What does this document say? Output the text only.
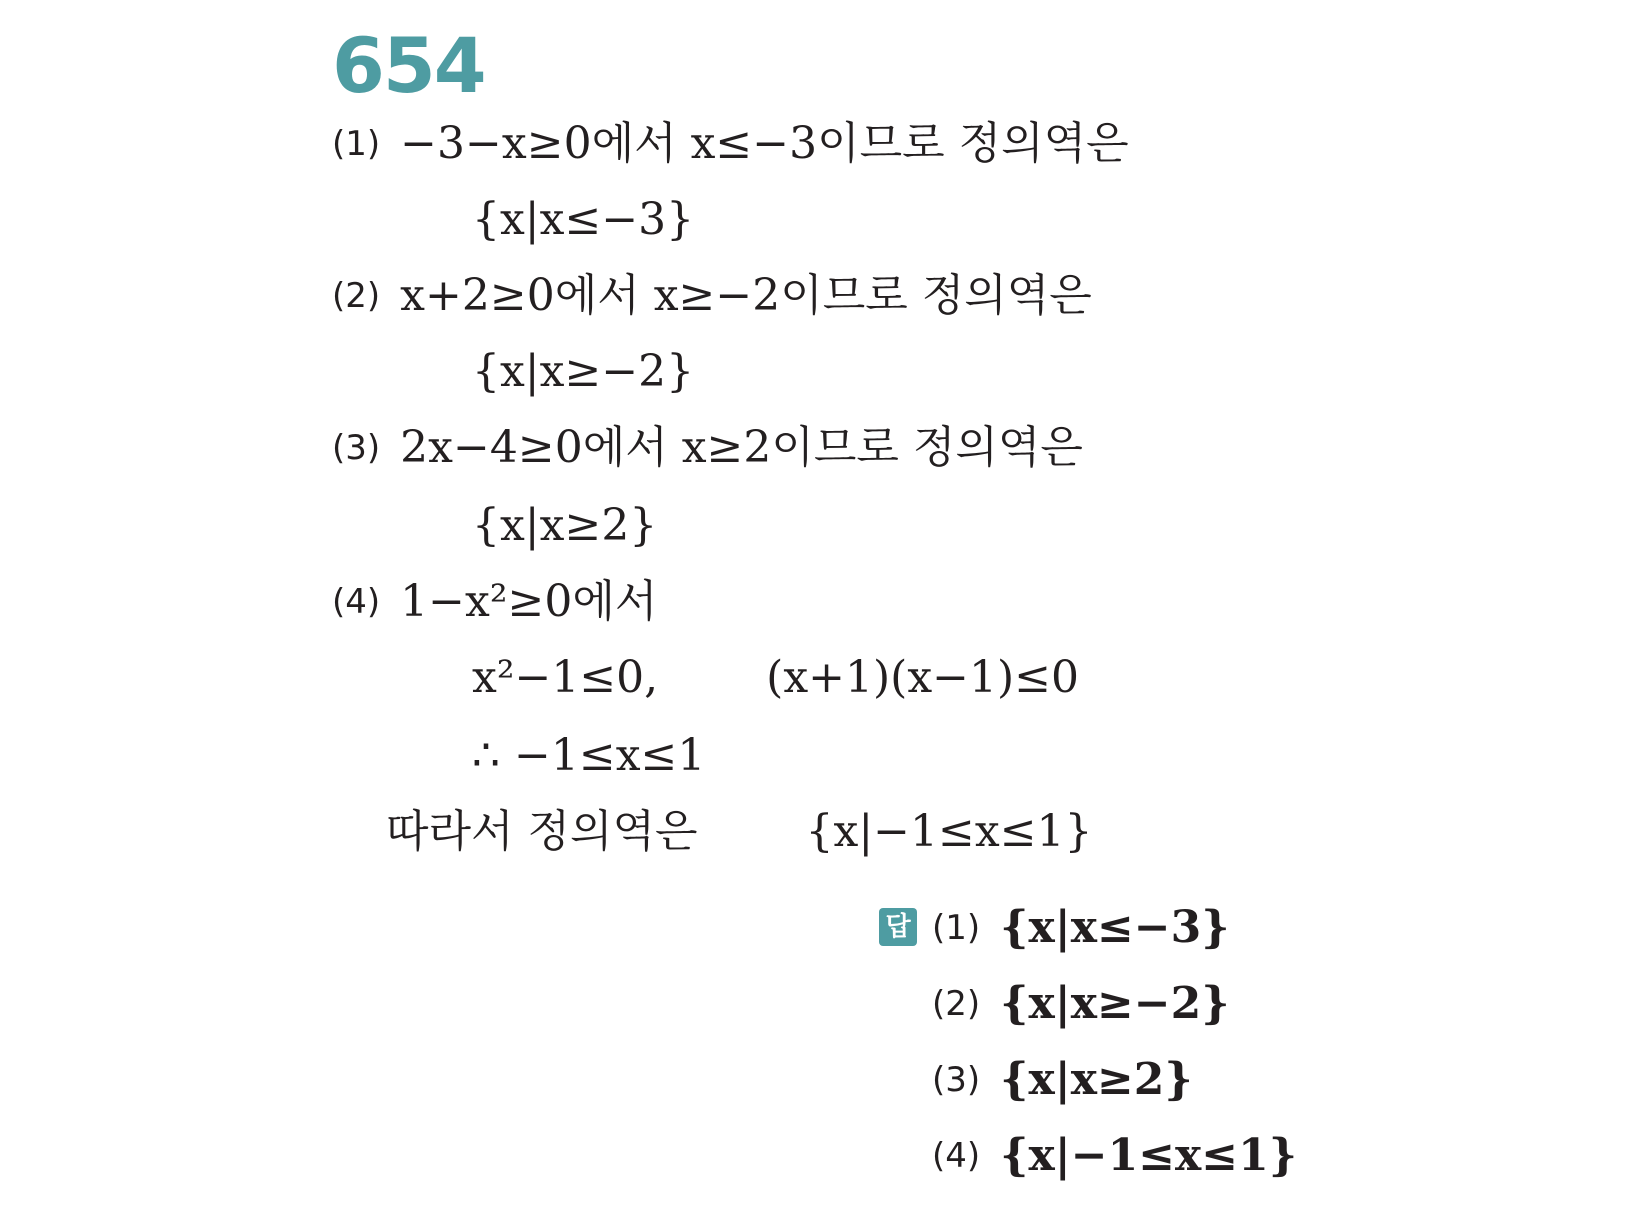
654
(1) −3−x≥0에서 x≤−3이므로 정의역은
{x|x≤−3}
(2) x+2≥0에서 x≥−2이므로 정의역은
{x|x≥−2}
(3) 2x−4≥0에서 x≥2이므로 정의역은
{x|x≥2}
(4) 1−x²≥0에서
x²−1≤0, (x+1)(x−1)≤0
∴ −1≤x≤1
따라서 정의역은 {x|−1≤x≤1}
답 (1) {x|x≤−3}
(2) {x|x≥−2}
(3) {x|x≥2}
(4) {x|−1≤x≤1}
